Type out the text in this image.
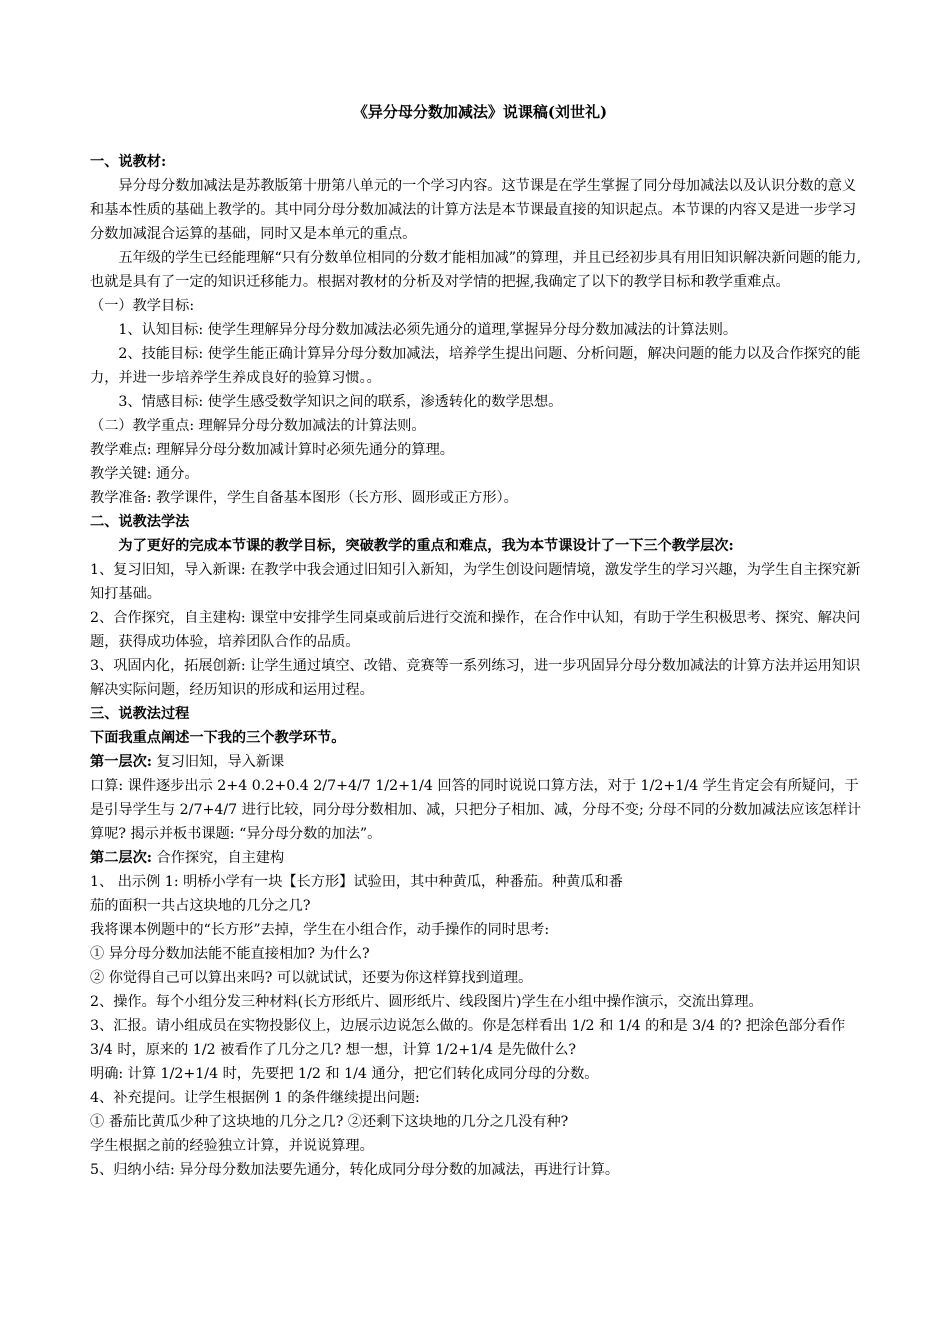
《异分母分数加减法》说课稿(刘世礼)

一、说教材:

异分母分数加减法是苏教版第十册第八单元的一个学习内容。这节课是在学生掌握了同分母加减法以及认识分数的意义和基本性质的基础上教学的。其中同分母分数加减法的计算方法是本节课最直接的知识起点。本节课的内容又是进一步学习分数加减混合运算的基础，同时又是本单元的重点。

五年级的学生已经能理解“只有分数单位相同的分数才能相加减”的算理，并且已经初步具有用旧知识解决新问题的能力,也就是具有了一定的知识迁移能力。根据对教材的分析及对学情的把握,我确定了以下的教学目标和教学重难点。

（一）教学目标:

1、认知目标: 使学生理解异分母分数加减法必须先通分的道理,掌握异分母分数加减法的计算法则。

2、技能目标: 使学生能正确计算异分母分数加减法，培养学生提出问题、分析问题，解决问题的能力以及合作探究的能力，并进一步培养学生养成良好的验算习惯。。

3、情感目标: 使学生感受数学知识之间的联系，渗透转化的数学思想。

（二）教学重点: 理解异分母分数加减法的计算法则。

教学难点: 理解异分母分数加减计算时必须先通分的算理。

教学关键: 通分。

教学准备: 教学课件，学生自备基本图形（长方形、圆形或正方形）。

二、说教法学法

为了更好的完成本节课的教学目标，突破教学的重点和难点，我为本节课设计了一下三个教学层次:

1、复习旧知，导入新课: 在教学中我会通过旧知引入新知，为学生创设问题情境，激发学生的学习兴趣，为学生自主探究新知打基础。

2、合作探究，自主建构: 课堂中安排学生同桌或前后进行交流和操作，在合作中认知，有助于学生积极思考、探究、解决问题，获得成功体验，培养团队合作的品质。

3、巩固内化，拓展创新: 让学生通过填空、改错、竞赛等一系列练习，进一步巩固异分母分数加减法的计算方法并运用知识解决实际问题，经历知识的形成和运用过程。

三、说教法过程

下面我重点阐述一下我的三个教学环节。

第一层次: 复习旧知，导入新课

口算: 课件逐步出示 2+4 0.2+0.4 2/7+4/7 1/2+1/4 回答的同时说说口算方法，对于 1/2+1/4 学生肯定会有所疑问，于是引导学生与 2/7+4/7 进行比较，同分母分数相加、减，只把分子相加、减，分母不变; 分母不同的分数加减法应该怎样计算呢? 揭示并板书课题: “异分母分数的加法”。

第二层次: 合作探究，自主建构

1、 出示例 1: 明桥小学有一块【长方形】试验田，其中种黄瓜，种番茄。种黄瓜和番

茄的面积一共占这块地的几分之几?

我将课本例题中的“长方形”去掉，学生在小组合作，动手操作的同时思考:

① 异分母分数加法能不能直接相加? 为什么?

② 你觉得自己可以算出来吗? 可以就试试，还要为你这样算找到道理。

2、操作。每个小组分发三种材料(长方形纸片、圆形纸片、线段图片)学生在小组中操作演示，交流出算理。

3、汇报。请小组成员在实物投影仪上，边展示边说怎么做的。你是怎样看出 1/2 和 1/4 的和是 3/4 的? 把涂色部分看作 3/4 时，原来的 1/2 被看作了几分之几? 想一想，计算 1/2+1/4 是先做什么?

明确: 计算 1/2+1/4 时，先要把 1/2 和 1/4 通分，把它们转化成同分母的分数。

4、补充提问。让学生根据例 1 的条件继续提出问题:

① 番茄比黄瓜少种了这块地的几分之几? ②还剩下这块地的几分之几没有种?

学生根据之前的经验独立计算，并说说算理。

5、归纳小结: 异分母分数加法要先通分，转化成同分母分数的加减法，再进行计算。
